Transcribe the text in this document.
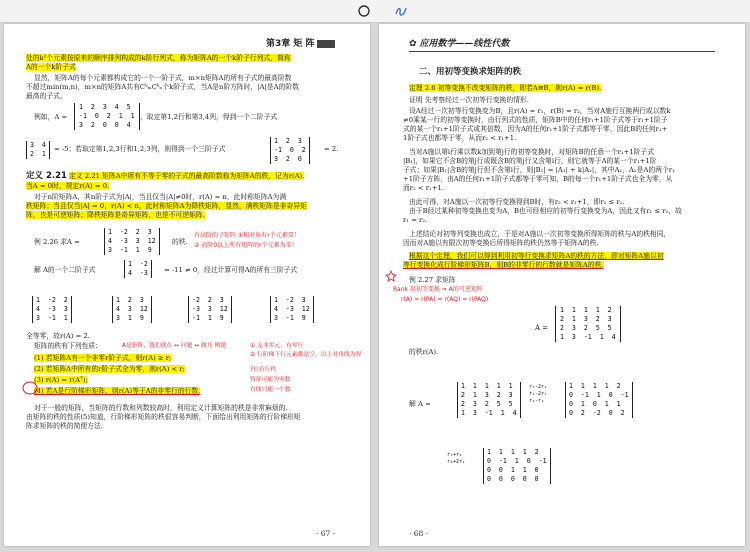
第3章 矩 阵

处的k²个元素按原来的顺序排列构成的k阶行列式，称为矩阵A的一个k阶子行列式，简称

A的一个k阶子式

显然，矩阵A的每个元素都构成它的一个一阶子式，m×n矩阵A的所有子式的最高阶数

不超过min(m,n)，m×n的矩阵A共有CᵏₘCᵏₙ个k阶子式，当A是n阶方阵时，|A|是A的阶数

最高的子式。

例如，A =

1  2  3  4  5
-1  0  2  1  1
3  2  0  0  4

，取定第1,2行和第3,4列，得到一个二阶子式

3  4
2  1

= -5；若取定第1,2,3行和1,2,3列，则得到一个三阶子式

1  2  3
-1  0  2
3  2  0

= 2.

定义 2.21 定义 2.21 矩阵A中所有不等于零的子式的最高阶数称为矩阵A的秩，记为r(A).

当A = 0时，规定r(A) = 0.

对于n阶矩阵A，其n阶子式为|A|，当且仅当|A|≠0时，r(A) = n，此时称矩阵A为满

秩矩阵；当且仅当|A| = 0，r(A) < n，此时称矩阵A为降秩矩阵，显然，满秩矩阵是非奇异矩

阵，也是可逆矩阵；降秩矩阵是奇异矩阵，也是不可逆矩阵.

例 2.26 求A =

1  -2  2  3
4  -3  3  12
3  -1  1  9

的秩.

解 A的一个二阶子式

1  -2
4  -3 = -11 ≠ 0，经过计算可得A的所有三阶子式

1  -2  2
4  -3  3
3  -1  1
1  2  3
4  3  12
3  1  9
-2  2  3
-3  3  12
-1  1  9
1  -2  3
4  -3  12
3  -1  9

全等零，故r(A) = 2.

矩阵的秩有下列性质：

(1) 若矩阵A有一个非零r阶子式，则r(A) ≥ r;

(2) 若矩阵A中所有的r阶子式全为零，则r(A) < r;

(3) r(A) = r(Aᵀ);

(4) 若A是行阶梯形矩阵，则r(A)等于A的非零行的行数.

对于一般的矩阵，当矩阵的行数和列数较高时，利用定义计算矩阵的秩是非常麻烦的.

由矩阵的秩的性质(5)知道，行阶梯形矩阵的秩很容易判断，下面给出利用矩阵的行阶梯形矩

阵求矩阵的秩的简便方法.

有高阶的子矩阵 ①和对角有r个元素显！

② 高阶0以上所有矩阵的r个元素为零！

A是矩阵，我们就在 ↔ 问题 ↔ 做几 例题	① 无非零元，有零行

② 行阶梯下行元素都是空，以主对角线为界

?位有行秩

特征可能为零数

直线只能一个数

· 67 ·
✿ 应用数学——线性代数

二、用初等变换求矩阵的秩

定理 2.6 初等变换不改变矩阵的秩，即若A≅B，则r(A) = r(B).

证明 先考察经过一次初等行变换的情形.

设A经过一次初等行变换变为B，且r(A) = r₁，r(B) = r₂，当对A施行互换两行或以数k

≠0乘某一行的初等变换时，由行列式的性质，矩阵B中的任何r₁+1阶子式等于r₁+1阶子

式的某一个r₁+1阶子式或其倍数，因为A的任何r₁+1阶子式都等于零，因此B的任何r₁+

1阶子式也都等于零，从而r₂ < r₁+1.

当对A施以第i行乘以数k加到第j行的初等变换时，对矩阵B的任意一个r₁+1阶子式

|B₁|，如果它不含B的第j行或既含B的第j行又含第i行，则它就等于A的某一个r₁+1阶

子式；如果|B₁|含B的第j行但不含第i行，则|B₁| = |A₁| + k|A₂|，其中A₁，A₂是A的两个r₁

+1阶子方阵，由A的任何r₁+1阶子式都等于零可知，B的每一个r₁+1阶子式也全为零，从

而r₂ < r₁+1.

由此可得，对A施以一次初等行变换得到B时，有r₂ < r₁+1，即r₂ ≤ r₁.

由于B经过某种初等变换也变为A，B也可经相应的初等行变换变为A，因此又有r₁ ≤ r₂，故

r₁ = r₂.

上述结论对初等列变换也成立，于是对A施以一次初等变换所得矩阵的秩与A的秩相同，

因而对A施以有限次初等变换后所得矩阵的秩仍然等于矩阵A的秩.

根据这个定理，我们可以得到利用初等行变换求矩阵A的秩的方法，即对矩阵A施以初

等行变换化成行阶梯形矩阵B，则B的非零行的行数就是矩阵A的秩.

例 2.27 求矩阵

A =

1  1  1  1  2
2  1  3  2  3
2  3  2  5  5
1  3  -1  1  4

的秩r(A).

解 A =

1  1  1  1  1
2  1  3  2  3
2  3  2  5  5
1  3  -1  1  4
r₂-2r₁
r₃-2r₁
r₄-r₁
1  1  1  1  2
0  -1  1  0  -1
0  1  0  1  1
0  2  -2  0  2
r₃+r₂
r₄+2r₂
1  1  1  1  2
0  -1  1  0  -1
0  0  1  1  0
0  0  0  0  0

Rank 用初等变换 ⇒ A的可逆矩阵

r(A) = r(PA) = r(AQ) = r(PAQ)

· 68 ·
